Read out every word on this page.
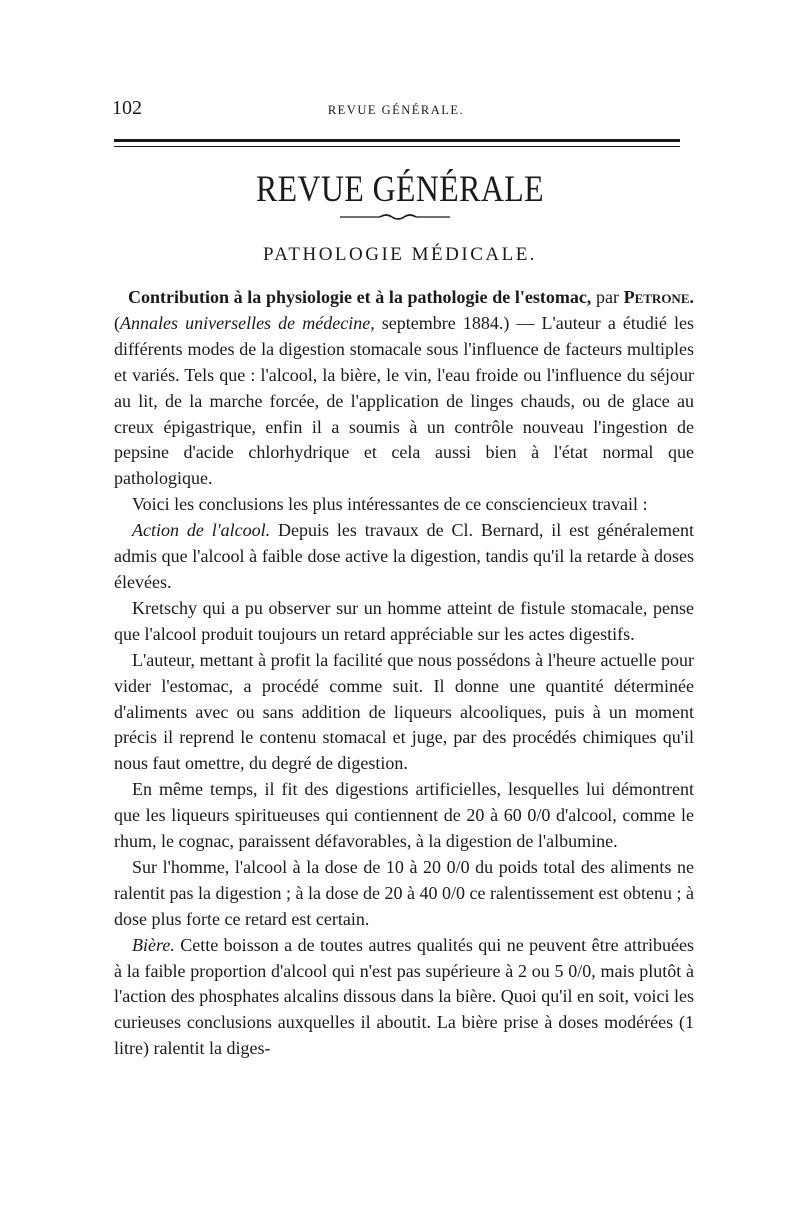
102	REVUE GÉNÉRALE.
REVUE GÉNÉRALE
PATHOLOGIE MÉDICALE.

Contribution à la physiologie et à la pathologie de l'estomac, par Petrone. (Annales universelles de médecine, septembre 1884.) — L'auteur a étudié les différents modes de la digestion stomacale sous l'influence de facteurs multiples et variés. Tels que : l'alcool, la bière, le vin, l'eau froide ou l'influence du séjour au lit, de la marche forcée, de l'application de linges chauds, ou de glace au creux épigastrique, enfin il a soumis à un contrôle nouveau l'ingestion de pepsine d'acide chlorhydrique et cela aussi bien à l'état normal que pathologique.

Voici les conclusions les plus intéressantes de ce consciencieux travail :

Action de l'alcool. Depuis les travaux de Cl. Bernard, il est généralement admis que l'alcool à faible dose active la digestion, tandis qu'il la retarde à doses élevées.

Kretschy qui a pu observer sur un homme atteint de fistule stomacale, pense que l'alcool produit toujours un retard appréciable sur les actes digestifs.

L'auteur, mettant à profit la facilité que nous possédons à l'heure actuelle pour vider l'estomac, a procédé comme suit. Il donne une quantité déterminée d'aliments avec ou sans addition de liqueurs alcooliques, puis à un moment précis il reprend le contenu stomacal et juge, par des procédés chimiques qu'il nous faut omettre, du degré de digestion.

En même temps, il fit des digestions artificielles, lesquelles lui démontrent que les liqueurs spiritueuses qui contiennent de 20 à 60 0/0 d'alcool, comme le rhum, le cognac, paraissent défavorables, à la digestion de l'albumine.

Sur l'homme, l'alcool à la dose de 10 à 20 0/0 du poids total des aliments ne ralentit pas la digestion ; à la dose de 20 à 40 0/0 ce ralentissement est obtenu ; à dose plus forte ce retard est certain.

Bière. Cette boisson a de toutes autres qualités qui ne peuvent être attribuées à la faible proportion d'alcool qui n'est pas supérieure à 2 ou 5 0/0, mais plutôt à l'action des phosphates alcalins dissous dans la bière. Quoi qu'il en soit, voici les curieuses conclusions auxquelles il aboutit. La bière prise à doses modérées (1 litre) ralentit la diges-
